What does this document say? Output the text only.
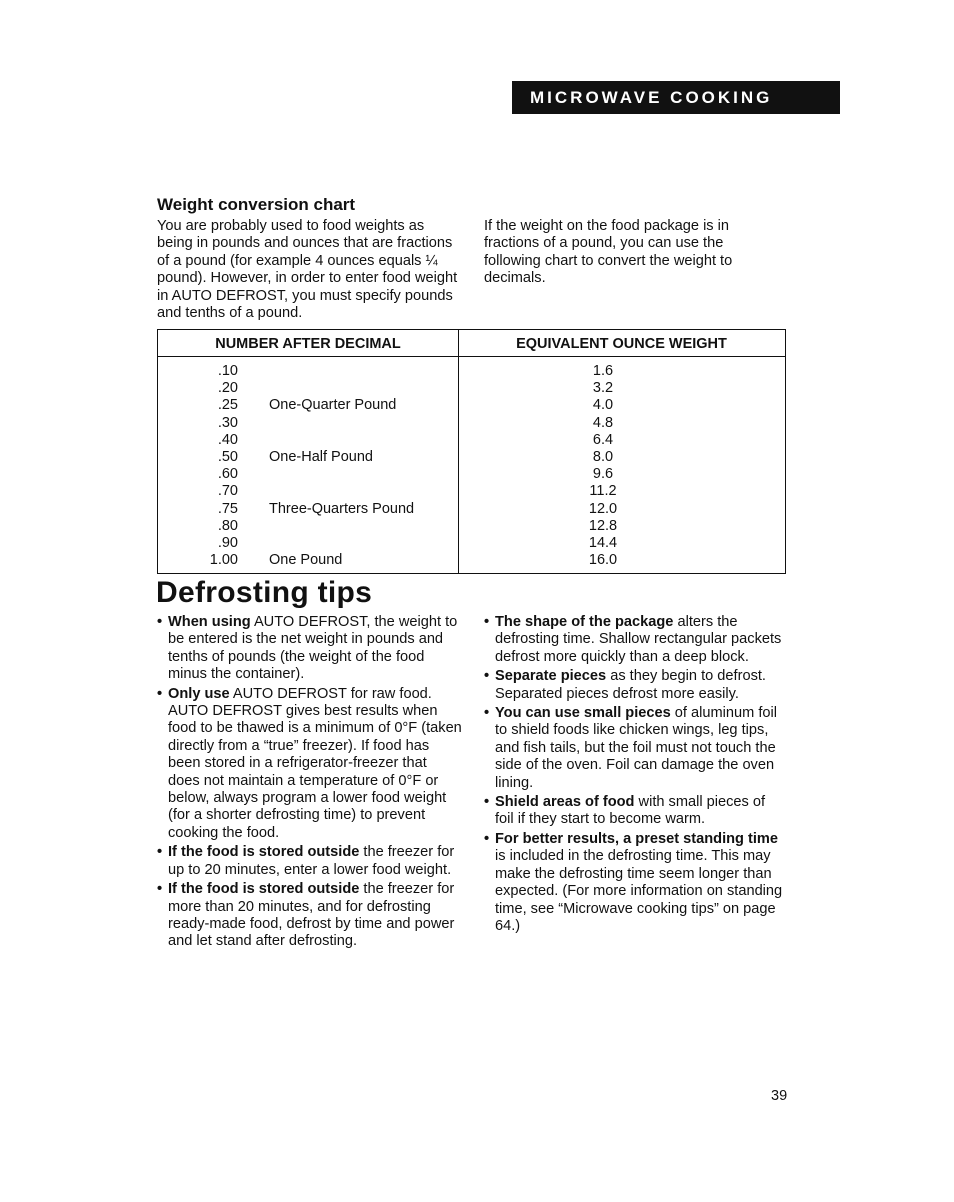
MICROWAVE COOKING
Weight conversion chart

You are probably used to food weights as being in pounds and ounces that are fractions of a pound (for example 4 ounces equals ¼ pound). However, in order to enter food weight in AUTO DEFROST, you must specify pounds and tenths of a pound.

If the weight on the food package is in fractions of a pound, you can use the following chart to convert the weight to decimals.

NUMBER AFTER DECIMAL	EQUIVALENT OUNCE WEIGHT
.10	1.6
.20	3.2
.25 One-Quarter Pound	4.0
.30	4.8
.40	6.4
.50 One-Half Pound	8.0
.60	9.6
.70	11.2
.75 Three-Quarters Pound	12.0
.80	12.8
.90	14.4
1.00 One Pound	16.0
Defrosting tips
• When using AUTO DEFROST, the weight to be entered is the net weight in pounds and tenths of pounds (the weight of the food minus the container).
• Only use AUTO DEFROST for raw food. AUTO DEFROST gives best results when food to be thawed is a minimum of 0°F (taken directly from a “true” freezer). If food has been stored in a refrigerator-freezer that does not maintain a temperature of 0°F or below, always program a lower food weight (for a shorter defrosting time) to prevent cooking the food.
• If the food is stored outside the freezer for up to 20 minutes, enter a lower food weight.
• If the food is stored outside the freezer for more than 20 minutes, and for defrosting ready-made food, defrost by time and power and let stand after defrosting.
• The shape of the package alters the defrosting time. Shallow rectangular packets defrost more quickly than a deep block.
• Separate pieces as they begin to defrost. Separated pieces defrost more easily.
• You can use small pieces of aluminum foil to shield foods like chicken wings, leg tips, and fish tails, but the foil must not touch the side of the oven. Foil can damage the oven lining.
• Shield areas of food with small pieces of foil if they start to become warm.
• For better results, a preset standing time is included in the defrosting time. This may make the defrosting time seem longer than expected. (For more information on standing time, see “Microwave cooking tips” on page 64.)
39
